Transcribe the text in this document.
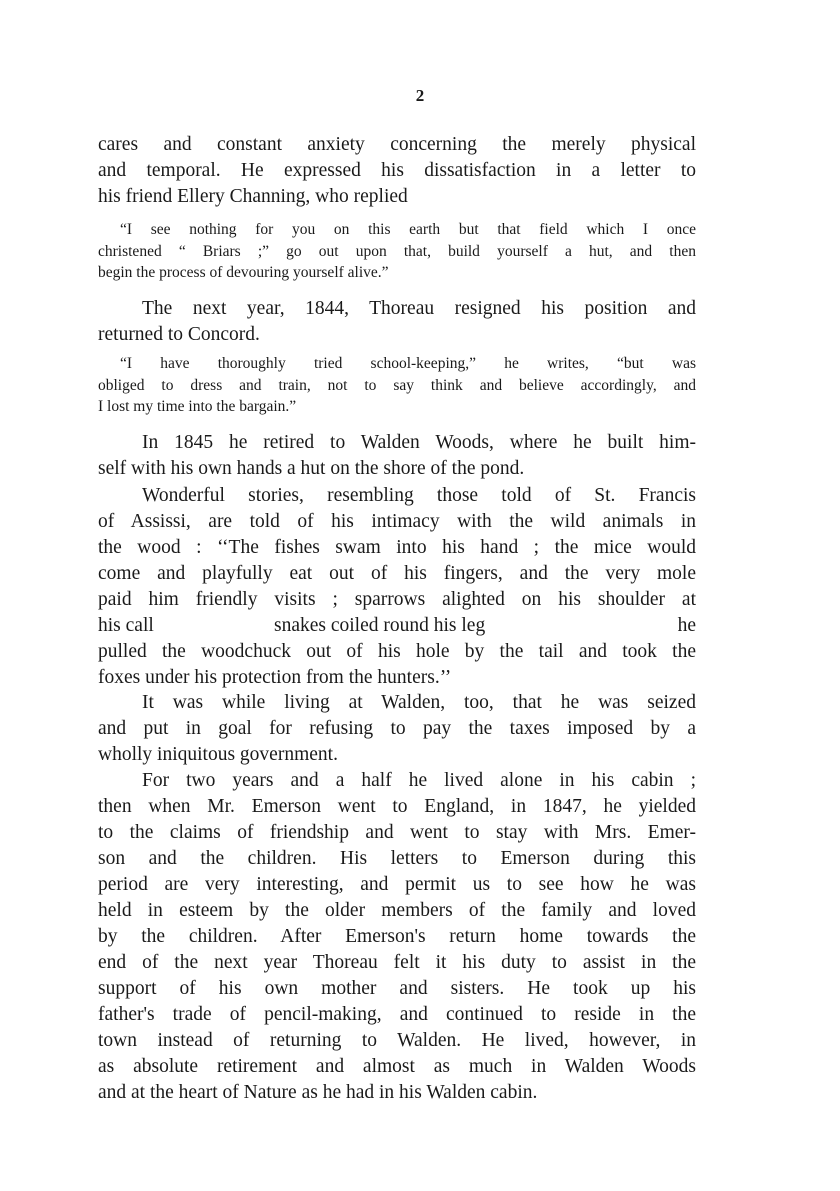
2

cares and constant anxiety concerning the merely physical
and temporal. He expressed his dissatisfaction in a letter to
his friend Ellery Channing, who replied
“I see nothing for you on this earth but that field which I once
christened “ Briars ;” go out upon that, build yourself a hut, and then
begin the process of devouring yourself alive.”
The next year, 1844, Thoreau resigned his position and
returned to Concord.
“I have thoroughly tried school-keeping,” he writes, “but was
obliged to dress and train, not to say think and believe accordingly, and
I lost my time into the bargain.”
In 1845 he retired to Walden Woods, where he built him-
self with his own hands a hut on the shore of the pond.
Wonderful stories, resembling those told of St. Francis
of Assissi, are told of his intimacy with the wild animals in
the wood : ‘‘The fishes swam into his hand ; the mice would
come and playfully eat out of his fingers, and the very mole
paid him friendly visits ; sparrows alighted on his shoulder at
his call	snakes coiled round his leg	he
pulled the woodchuck out of his hole by the tail and took the
foxes under his protection from the hunters.’’
It was while living at Walden, too, that he was seized
and put in goal for refusing to pay the taxes imposed by a
wholly iniquitous government.
For two years and a half he lived alone in his cabin ;
then when Mr. Emerson went to England, in 1847, he yielded
to the claims of friendship and went to stay with Mrs. Emer-
son and the children. His letters to Emerson during this
period are very interesting, and permit us to see how he was
held in esteem by the older members of the family and loved
by the children. After Emerson's return home towards the
end of the next year Thoreau felt it his duty to assist in the
support of his own mother and sisters. He took up his
father's trade of pencil-making, and continued to reside in the
town instead of returning to Walden. He lived, however, in
as absolute retirement and almost as much in Walden Woods
and at the heart of Nature as he had in his Walden cabin.
